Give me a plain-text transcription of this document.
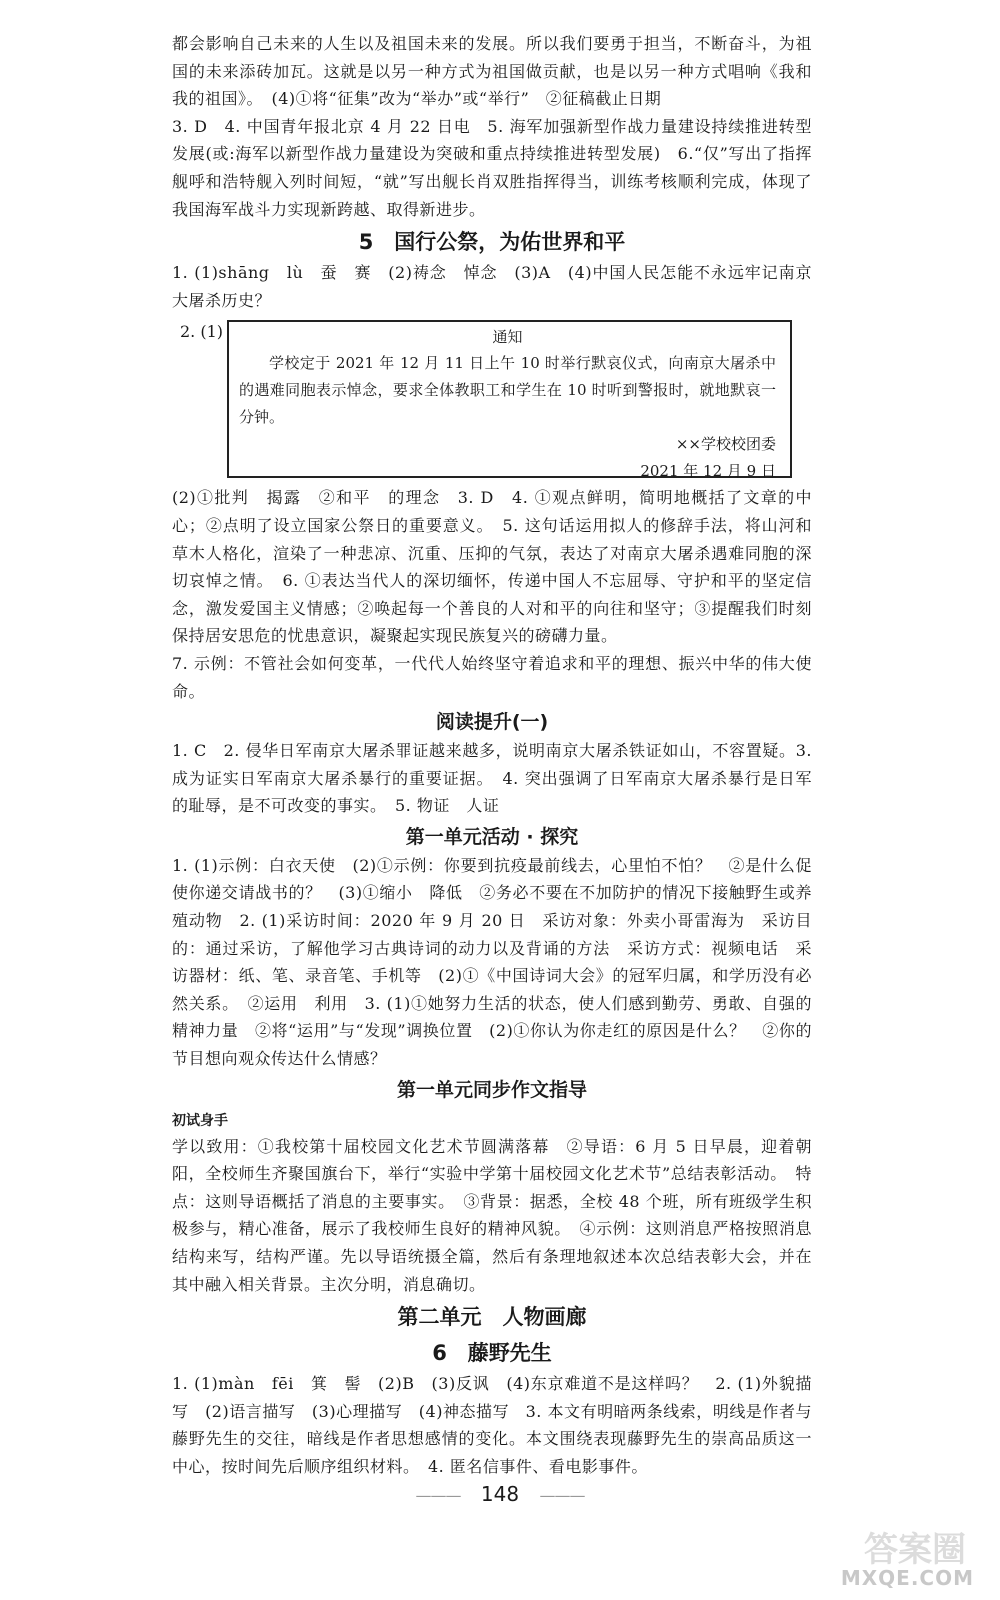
都会影响自己未来的人生以及祖国未来的发展。所以我们要勇于担当，不断奋斗，为祖国的未来添砖加瓦。这就是以另一种方式为祖国做贡献，也是以另一种方式唱响《我和我的祖国》。　(4)①将“征集”改为“举办”或“举行”　②征稿截止日期

3. D　4. 中国青年报北京 4 月 22 日电　5. 海军加强新型作战力量建设持续推进转型发展(或:海军以新型作战力量建设为突破和重点持续推进转型发展)　6.“仅”写出了指挥舰呼和浩特舰入列时间短，“就”写出舰长肖双胜指挥得当，训练考核顺利完成，体现了我国海军战斗力实现新跨越、取得新进步。

5　国行公祭，为佑世界和平

1. (1)shāng　lù　蚕　赛　(2)祷念　悼念　(3)A　(4)中国人民怎能不永远牢记南京大屠杀历史？

2. (1)	通知
学校定于 2021 年 12 月 11 日上午 10 时举行默哀仪式，向南京大屠杀中的遇难同胞表示悼念，要求全体教职工和学生在 10 时听到警报时，就地默哀一分钟。
××学校校团委
2021 年 12 月 9 日

(2)①批判　揭露　②和平　的理念　3. D　4. ①观点鲜明，简明地概括了文章的中心；②点明了设立国家公祭日的重要意义。　5. 这句话运用拟人的修辞手法，将山河和草木人格化，渲染了一种悲凉、沉重、压抑的气氛，表达了对南京大屠杀遇难同胞的深切哀悼之情。　6. ①表达当代人的深切缅怀，传递中国人不忘屈辱、守护和平的坚定信念，激发爱国主义情感；②唤起每一个善良的人对和平的向往和坚守；③提醒我们时刻保持居安思危的忧患意识，凝聚起实现民族复兴的磅礴力量。

7. 示例：不管社会如何变革，一代代人始终坚守着追求和平的理想、振兴中华的伟大使命。

阅读提升(一)

1. C　2. 侵华日军南京大屠杀罪证越来越多，说明南京大屠杀铁证如山，不容置疑。3. 成为证实日军南京大屠杀暴行的重要证据。　4. 突出强调了日军南京大屠杀暴行是日军的耻辱，是不可改变的事实。　5. 物证　人证

第一单元活动 · 探究

1. (1)示例：白衣天使　(2)①示例：你要到抗疫最前线去，心里怕不怕？　②是什么促使你递交请战书的？　(3)①缩小　降低　②务必不要在不加防护的情况下接触野生或养殖动物　2. (1)采访时间：2020 年 9 月 20 日　采访对象：外卖小哥雷海为　采访目的：通过采访，了解他学习古典诗词的动力以及背诵的方法　采访方式：视频电话　采访器材：纸、笔、录音笔、手机等　(2)①《中国诗词大会》的冠军归属，和学历没有必然关系。　②运用　利用　3. (1)①她努力生活的状态，使人们感到勤劳、勇敢、自强的精神力量　②将“运用”与“发现”调换位置　(2)①你认为你走红的原因是什么？　②你的节目想向观众传达什么情感？

第一单元同步作文指导
初试身手

学以致用：①我校第十届校园文化艺术节圆满落幕　②导语：6 月 5 日早晨，迎着朝阳，全校师生齐聚国旗台下，举行“实验中学第十届校园文化艺术节”总结表彰活动。　特点：这则导语概括了消息的主要事实。　③背景：据悉，全校 48 个班，所有班级学生积极参与，精心准备，展示了我校师生良好的精神风貌。　④示例：这则消息严格按照消息结构来写，结构严谨。先以导语统摄全篇，然后有条理地叙述本次总结表彰大会，并在其中融入相关背景。主次分明，消息确切。

第二单元　人物画廊
6　藤野先生

1. (1)màn　fēi　箕　髻　(2)B　(3)反讽　(4)东京难道不是这样吗？　2. (1)外貌描写　(2)语言描写　(3)心理描写　(4)神态描写　3. 本文有明暗两条线索，明线是作者与藤野先生的交往，暗线是作者思想感情的变化。本文围绕表现藤野先生的崇高品质这一中心，按时间先后顺序组织材料。　4. 匿名信事件、看电影事件。

——— 148 ———
答案圈
MXQE.COM
